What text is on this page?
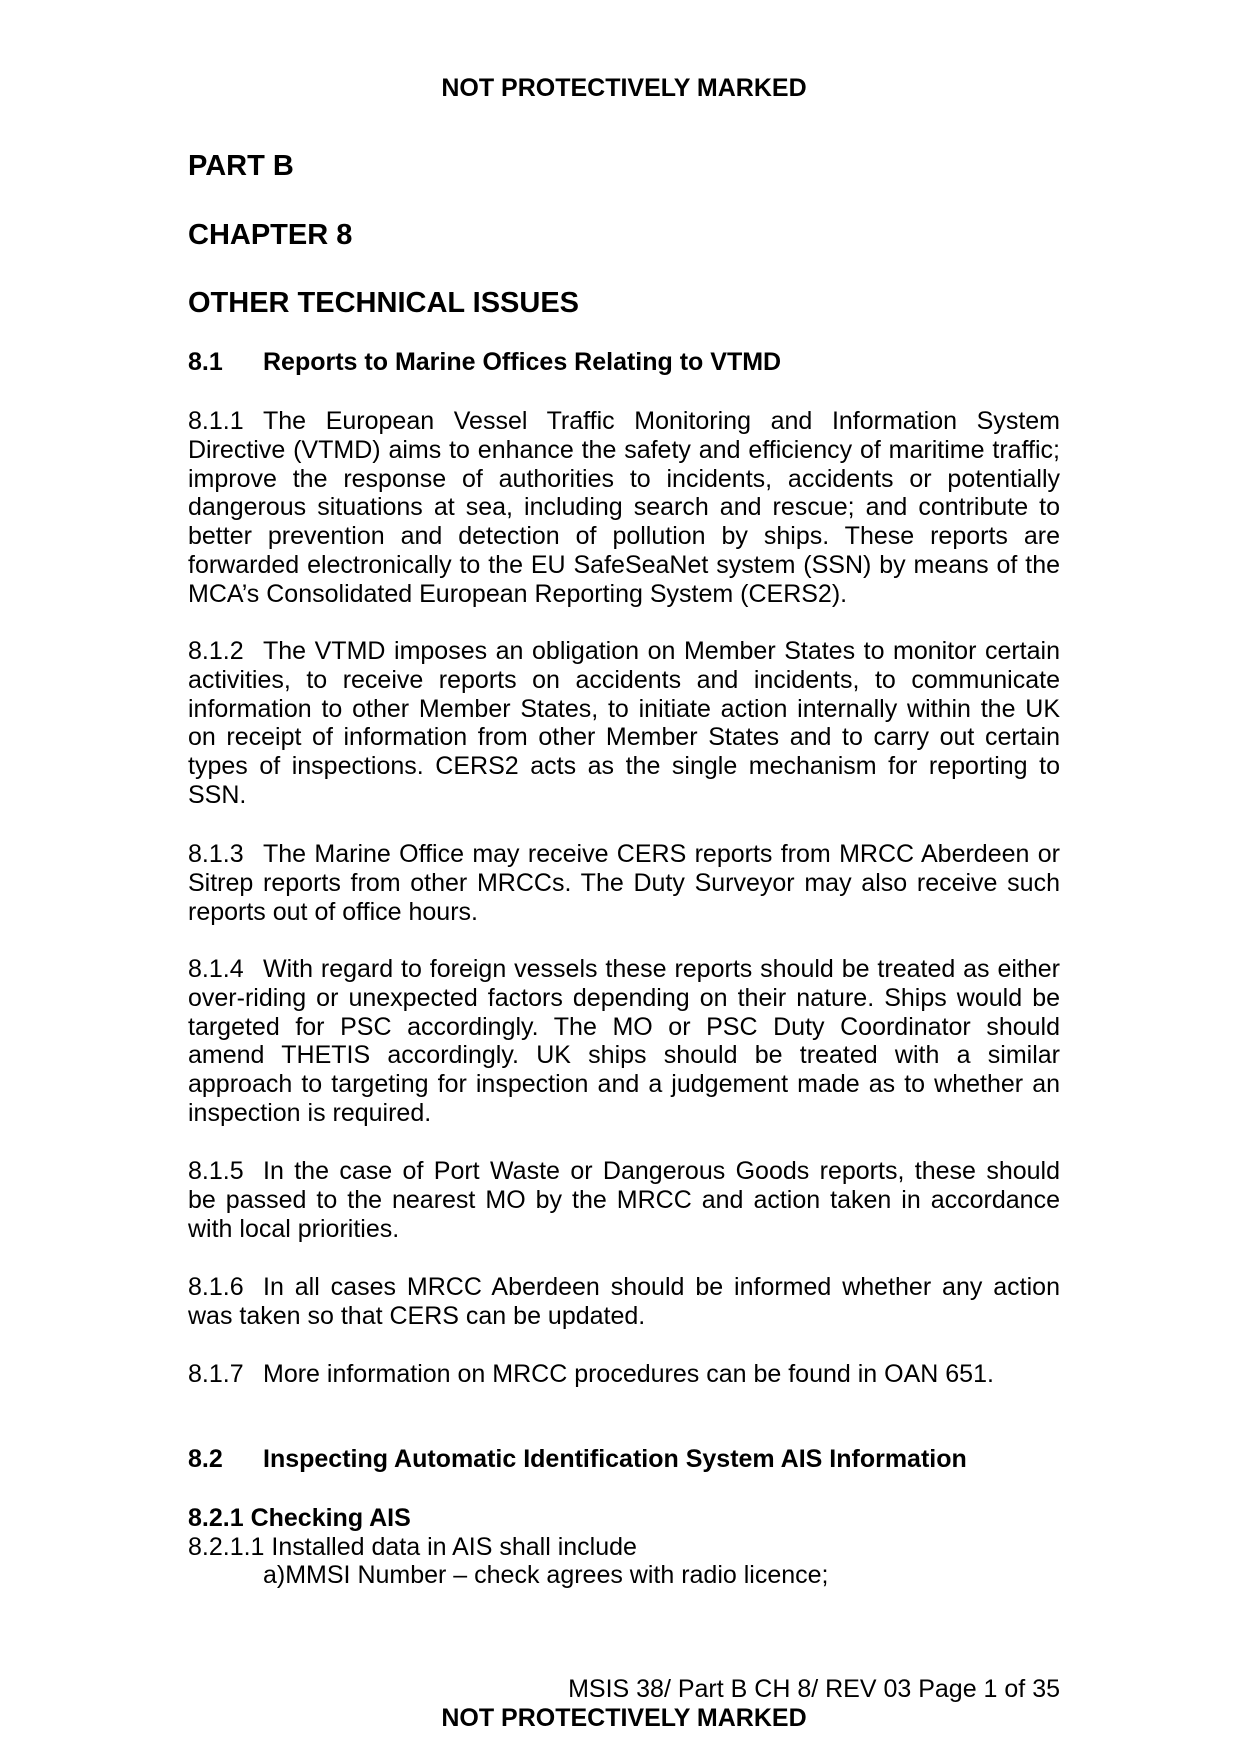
NOT PROTECTIVELY MARKED
PART B
CHAPTER 8
OTHER TECHNICAL ISSUES
8.1 Reports to Marine Offices Relating to VTMD
8.1.1 The European Vessel Traffic Monitoring and Information System
Directive (VTMD) aims to enhance the safety and efficiency of maritime traffic;
improve the response of authorities to incidents, accidents or potentially
dangerous situations at sea, including search and rescue; and contribute to
better prevention and detection of pollution by ships. These reports are
forwarded electronically to the EU SafeSeaNet system (SSN) by means of the
MCA’s Consolidated European Reporting System (CERS2).
8.1.2 The VTMD imposes an obligation on Member States to monitor certain
activities, to receive reports on accidents and incidents, to communicate
information to other Member States, to initiate action internally within the UK
on receipt of information from other Member States and to carry out certain
types of inspections. CERS2 acts as the single mechanism for reporting to
SSN.
8.1.3 The Marine Office may receive CERS reports from MRCC Aberdeen or
Sitrep reports from other MRCCs. The Duty Surveyor may also receive such
reports out of office hours.
8.1.4 With regard to foreign vessels these reports should be treated as either
over-riding or unexpected factors depending on their nature. Ships would be
targeted for PSC accordingly. The MO or PSC Duty Coordinator should
amend THETIS accordingly. UK ships should be treated with a similar
approach to targeting for inspection and a judgement made as to whether an
inspection is required.
8.1.5 In the case of Port Waste or Dangerous Goods reports, these should
be passed to the nearest MO by the MRCC and action taken in accordance
with local priorities.
8.1.6 In all cases MRCC Aberdeen should be informed whether any action
was taken so that CERS can be updated.
8.1.7 More information on MRCC procedures can be found in OAN 651.
8.2 Inspecting Automatic Identification System AIS Information
8.2.1 Checking AIS
8.2.1.1 Installed data in AIS shall include
a)MMSI Number – check agrees with radio licence;
MSIS 38/ Part B CH 8/ REV 03 Page 1 of 35
NOT PROTECTIVELY MARKED
